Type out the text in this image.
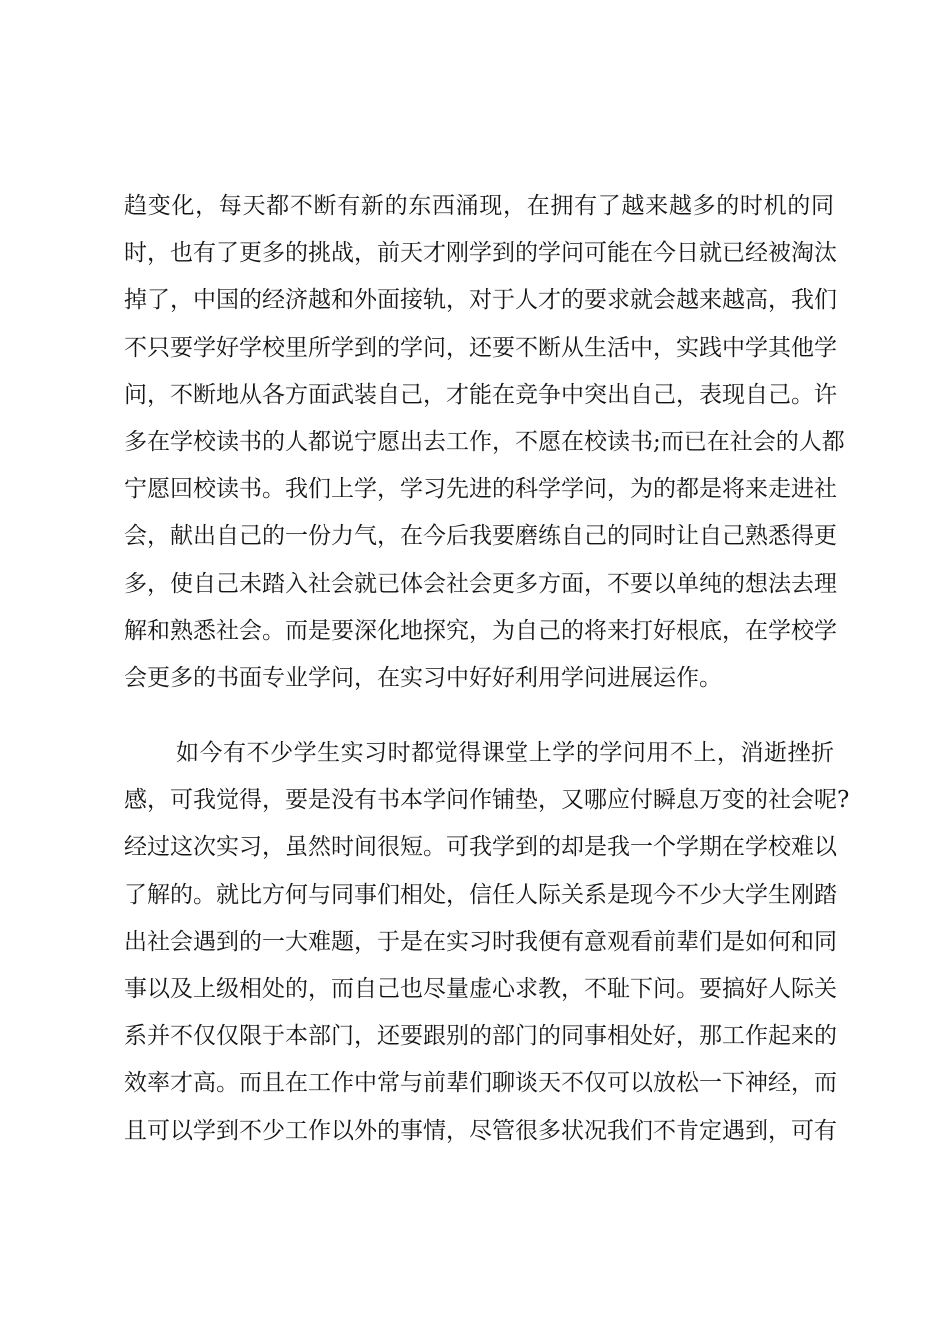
趋变化，每天都不断有新的东西涌现，在拥有了越来越多的时机的同
时，也有了更多的挑战，前天才刚学到的学问可能在今日就已经被淘汰
掉了，中国的经济越和外面接轨，对于人才的要求就会越来越高，我们
不只要学好学校里所学到的学问，还要不断从生活中，实践中学其他学
问，不断地从各方面武装自己，才能在竞争中突出自己，表现自己。许
多在学校读书的人都说宁愿出去工作，不愿在校读书;而已在社会的人都
宁愿回校读书。我们上学，学习先进的科学学问，为的都是将来走进社
会，献出自己的一份力气，在今后我要磨练自己的同时让自己熟悉得更
多，使自己未踏入社会就已体会社会更多方面，不要以单纯的想法去理
解和熟悉社会。而是要深化地探究，为自己的将来打好根底，在学校学
会更多的书面专业学问，在实习中好好利用学问进展运作。
如今有不少学生实习时都觉得课堂上学的学问用不上，消逝挫折
感，可我觉得，要是没有书本学问作铺垫，又哪应付瞬息万变的社会呢?
经过这次实习，虽然时间很短。可我学到的却是我一个学期在学校难以
了解的。就比方何与同事们相处，信任人际关系是现今不少大学生刚踏
出社会遇到的一大难题，于是在实习时我便有意观看前辈们是如何和同
事以及上级相处的，而自己也尽量虚心求教，不耻下问。要搞好人际关
系并不仅仅限于本部门，还要跟别的部门的同事相处好，那工作起来的
效率才高。而且在工作中常与前辈们聊谈天不仅可以放松一下神经，而
且可以学到不少工作以外的事情，尽管很多状况我们不肯定遇到，可有
